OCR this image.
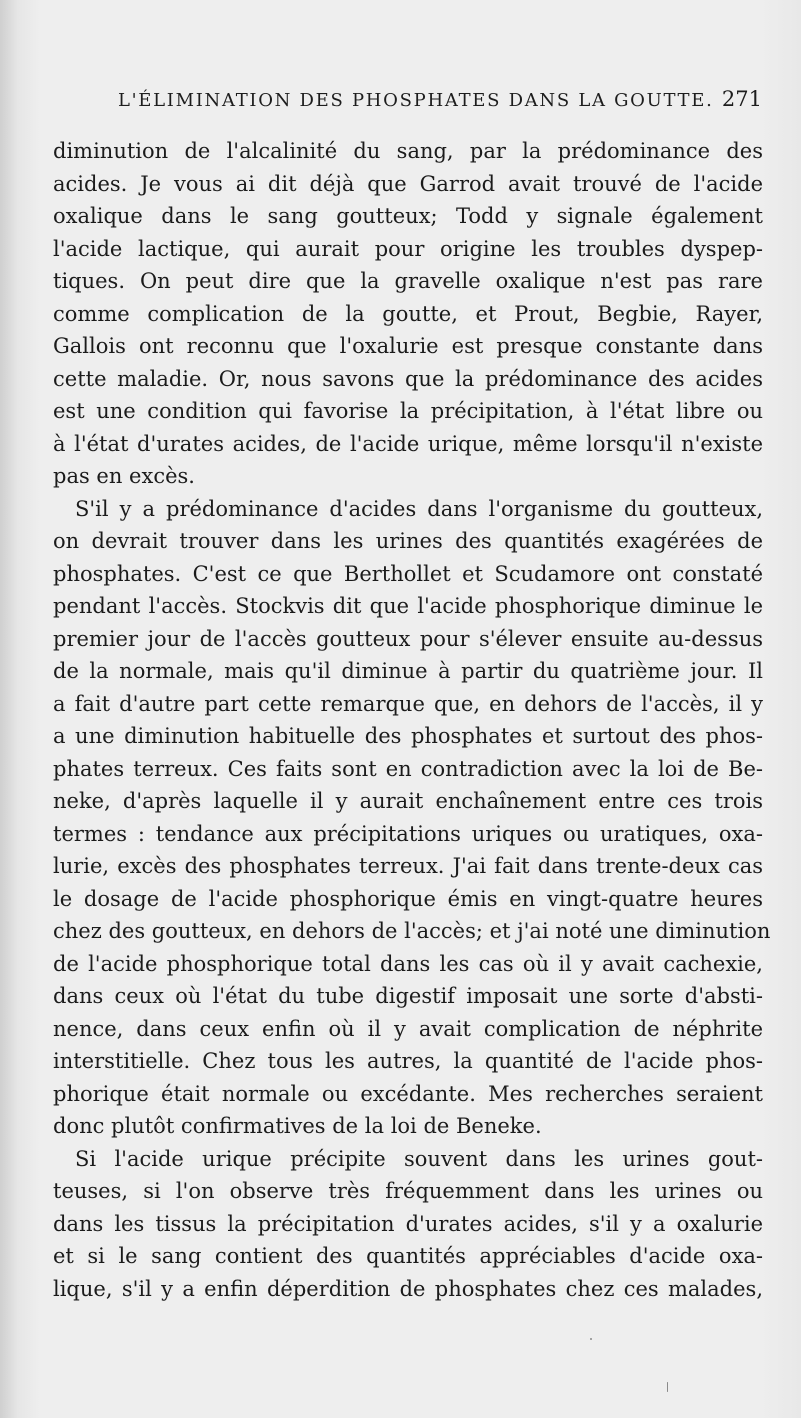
L'ÉLIMINATION DES PHOSPHATES DANS LA GOUTTE. 271
diminution de l'alcalinité du sang, par la prédominance des
acides. Je vous ai dit déjà que Garrod avait trouvé de l'acide
oxalique dans le sang goutteux; Todd y signale également
l'acide lactique, qui aurait pour origine les troubles dyspep-
tiques. On peut dire que la gravelle oxalique n'est pas rare
comme complication de la goutte, et Prout, Begbie, Rayer,
Gallois ont reconnu que l'oxalurie est presque constante dans
cette maladie. Or, nous savons que la prédominance des acides
est une condition qui favorise la précipitation, à l'état libre ou
à l'état d'urates acides, de l'acide urique, même lorsqu'il n'existe
pas en excès.
S'il y a prédominance d'acides dans l'organisme du goutteux,
on devrait trouver dans les urines des quantités exagérées de
phosphates. C'est ce que Berthollet et Scudamore ont constaté
pendant l'accès. Stockvis dit que l'acide phosphorique diminue le
premier jour de l'accès goutteux pour s'élever ensuite au-dessus
de la normale, mais qu'il diminue à partir du quatrième jour. Il
a fait d'autre part cette remarque que, en dehors de l'accès, il y
a une diminution habituelle des phosphates et surtout des phos-
phates terreux. Ces faits sont en contradiction avec la loi de Be-
neke, d'après laquelle il y aurait enchaînement entre ces trois
termes : tendance aux précipitations uriques ou uratiques, oxa-
lurie, excès des phosphates terreux. J'ai fait dans trente-deux cas
le dosage de l'acide phosphorique émis en vingt-quatre heures
chez des goutteux, en dehors de l'accès; et j'ai noté une diminution
de l'acide phosphorique total dans les cas où il y avait cachexie,
dans ceux où l'état du tube digestif imposait une sorte d'absti-
nence, dans ceux enfin où il y avait complication de néphrite
interstitielle. Chez tous les autres, la quantité de l'acide phos-
phorique était normale ou excédante. Mes recherches seraient
donc plutôt confirmatives de la loi de Beneke.
Si l'acide urique précipite souvent dans les urines gout-
teuses, si l'on observe très fréquemment dans les urines ou
dans les tissus la précipitation d'urates acides, s'il y a oxalurie
et si le sang contient des quantités appréciables d'acide oxa-
lique, s'il y a enfin déperdition de phosphates chez ces malades,
